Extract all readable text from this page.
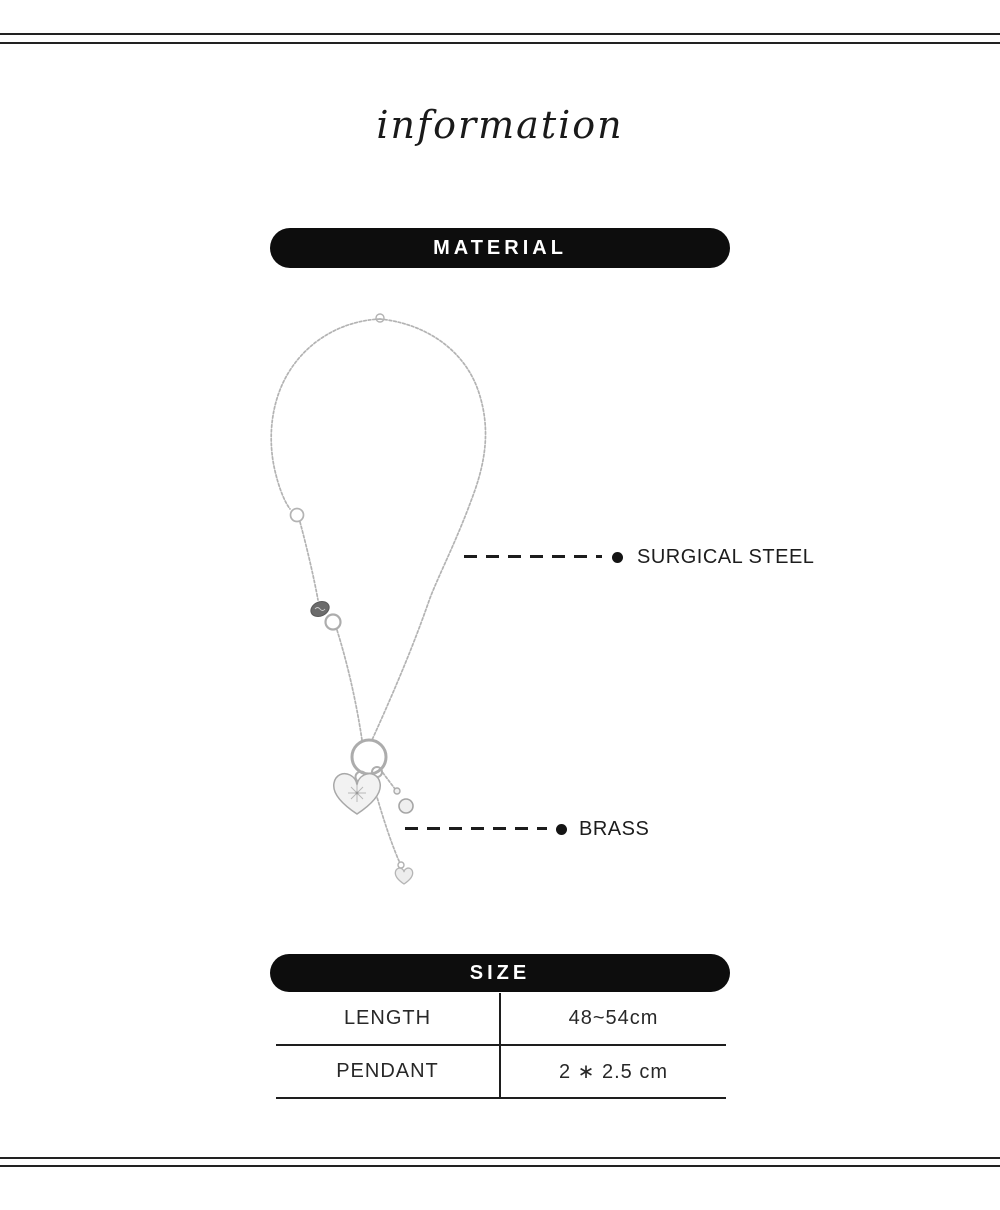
information
MATERIAL
SURGICAL STEEL
BRASS
SIZE
LENGTH	48~54cm
PENDANT	2 ∗ 2.5 cm
